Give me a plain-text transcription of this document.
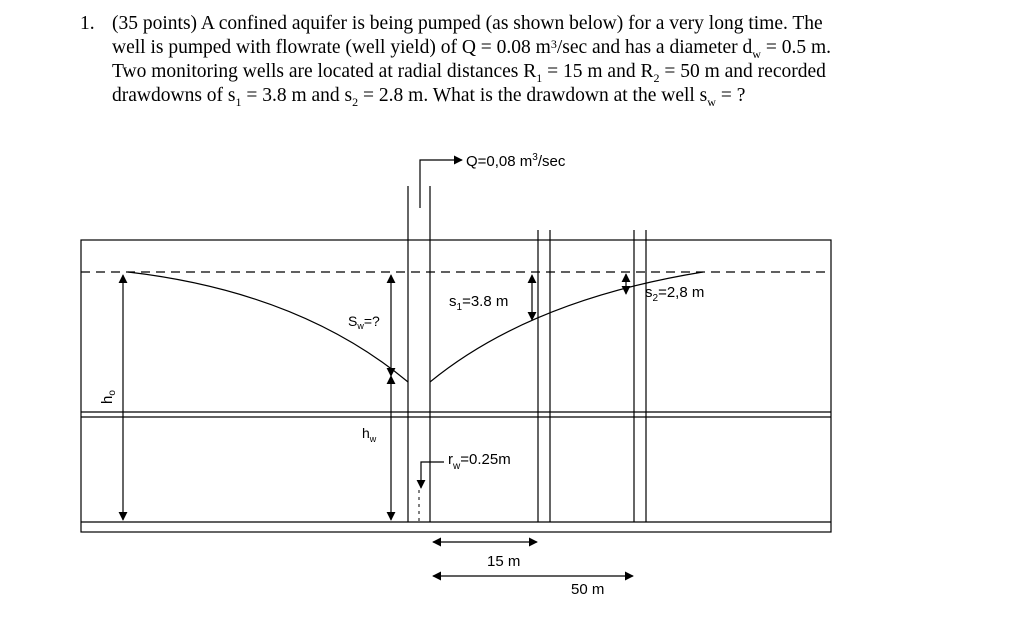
1. (35 points) A confined aquifer is being pumped (as shown below) for a very long time. The
well is pumped with flowrate (well yield) of Q = 0.08 $m^3/\sec$ and has a diameter $d_w = 0.5$ m.
Two monitoring wells are located at radial distances $R_1 = 15$ m and $R_2 = 50$ m and recorded
drawdowns of $s_1 = 3.8$ m and $s_2 = 2.8$ m. What is the drawdown at the well $s_w$ = ?
Q=0,08 $m^3/\sec$
$S_w=$?
$s_1=3.8$ m
$s_2=2,8$ m
$h_o$
$h_w$
$r_w=0.25m$
15 m
50 m
